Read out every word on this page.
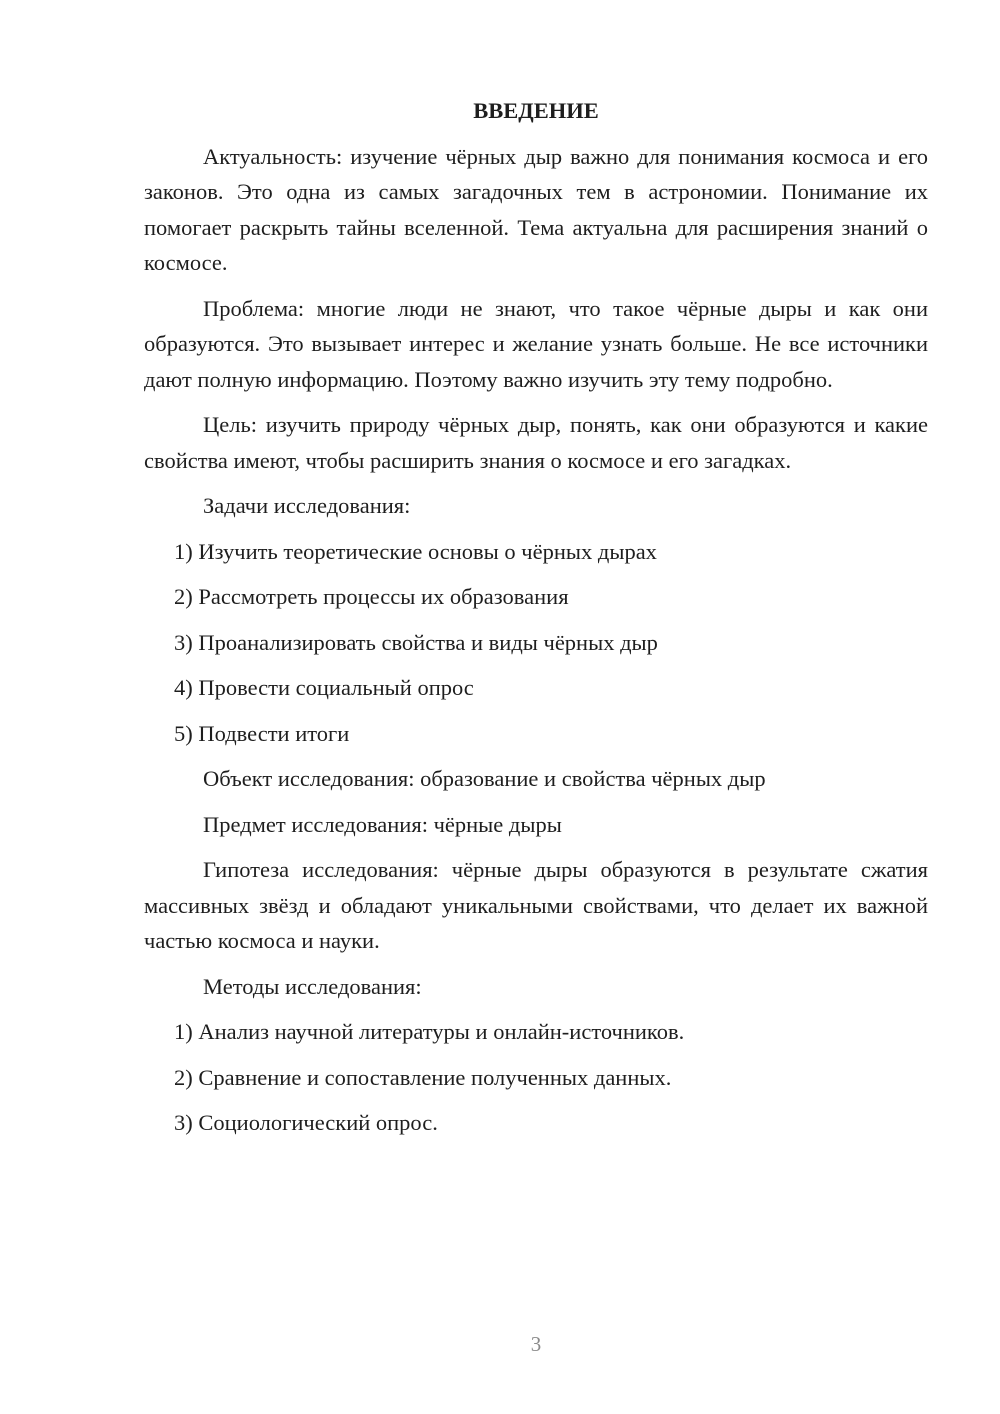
ВВЕДЕНИЕ
Актуальность: изучение чёрных дыр важно для понимания космоса и его законов. Это одна из самых загадочных тем в астрономии. Понимание их помогает раскрыть тайны вселенной. Тема актуальна для расширения знаний о космосе.
Проблема: многие люди не знают, что такое чёрные дыры и как они образуются. Это вызывает интерес и желание узнать больше. Не все источники дают полную информацию. Поэтому важно изучить эту тему подробно.
Цель: изучить природу чёрных дыр, понять, как они образуются и какие свойства имеют, чтобы расширить знания о космосе и его загадках.
Задачи исследования:
1) Изучить теоретические основы о чёрных дырах
2) Рассмотреть процессы их образования
3) Проанализировать свойства и виды чёрных дыр
4) Провести социальный опрос
5) Подвести итоги
Объект исследования: образование и свойства чёрных дыр
Предмет исследования: чёрные дыры
Гипотеза исследования: чёрные дыры образуются в результате сжатия массивных звёзд и обладают уникальными свойствами, что делает их важной частью космоса и науки.
Методы исследования:
1) Анализ научной литературы и онлайн-источников.
2) Сравнение и сопоставление полученных данных.
3) Социологический опрос.
3
